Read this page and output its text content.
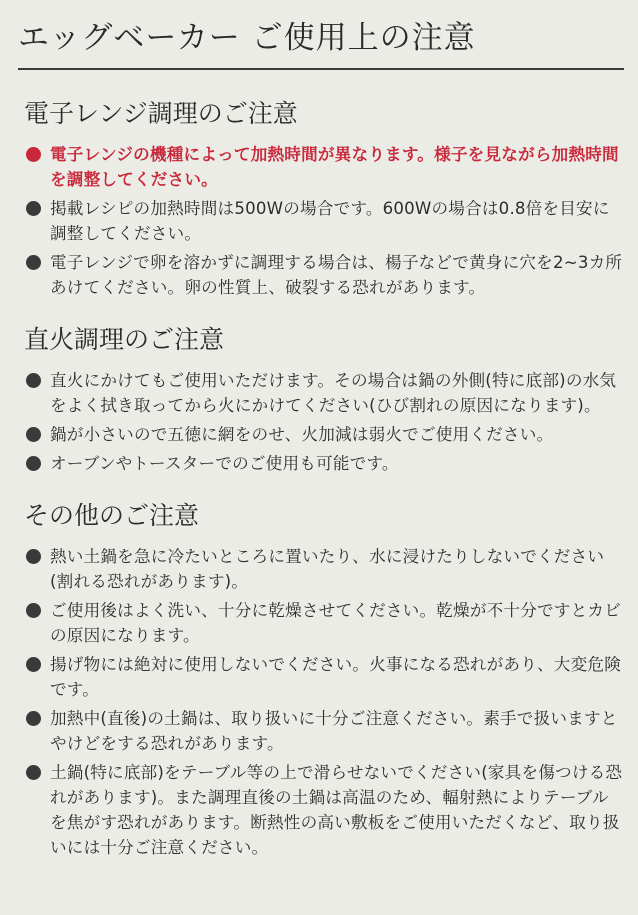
エッグベーカー ご使用上の注意
電子レンジ調理のご注意
電子レンジの機種によって加熱時間が異なります。様子を見ながら加熱時間を調整してください。
掲載レシピの加熱時間は500Wの場合です。600Wの場合は0.8倍を目安に調整してください。
電子レンジで卵を溶かずに調理する場合は、楊子などで黄身に穴を2~3カ所あけてください。卵の性質上、破裂する恐れがあります。
直火調理のご注意
直火にかけてもご使用いただけます。その場合は鍋の外側(特に底部)の水気をよく拭き取ってから火にかけてください(ひび割れの原因になります)。
鍋が小さいので五徳に網をのせ、火加減は弱火でご使用ください。
オーブンやトースターでのご使用も可能です。
その他のご注意
熱い土鍋を急に冷たいところに置いたり、水に浸けたりしないでください(割れる恐れがあります)。
ご使用後はよく洗い、十分に乾燥させてください。乾燥が不十分ですとカビの原因になります。
揚げ物には絶対に使用しないでください。火事になる恐れがあり、大変危険です。
加熱中(直後)の土鍋は、取り扱いに十分ご注意ください。素手で扱いますとやけどをする恐れがあります。
土鍋(特に底部)をテーブル等の上で滑らせないでください(家具を傷つける恐れがあります)。また調理直後の土鍋は高温のため、輻射熱によりテーブルを焦がす恐れがあります。断熱性の高い敷板をご使用いただくなど、取り扱いには十分ご注意ください。
